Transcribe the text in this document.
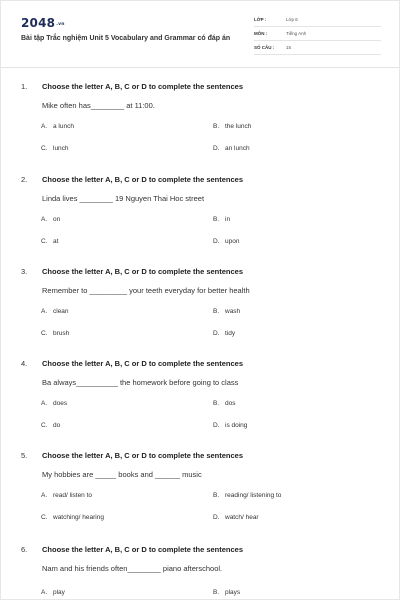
2048.vn
Bài tập Trắc nghiệm Unit 5 Vocabulary and Grammar có đáp án
LỚP :	Lớp 6
MÔN :	Tiếng Anh
SỐ CÂU :	15
1. Choose the letter A, B, C or D to complete the sentences
Mike often has________ at 11:00.
A. a lunch	B. the lunch
C. lunch	D. an lunch
2. Choose the letter A, B, C or D to complete the sentences
Linda lives ________ 19 Nguyen Thai Hoc street
A. on	B. in
C. at	D. upon
3. Choose the letter A, B, C or D to complete the sentences
Remember to _________ your teeth everyday for better health
A. clean	B. wash
C. brush	D. tidy
4. Choose the letter A, B, C or D to complete the sentences
Ba always__________ the homework before going to class
A. does	B. dos
C. do	D. is doing
5. Choose the letter A, B, C or D to complete the sentences
My hobbies are _____ books and ______ music
A. read/ listen to	B. reading/ listening to
C. watching/ hearing	D. watch/ hear
6. Choose the letter A, B, C or D to complete the sentences
Nam and his friends often________ piano afterschool.
A. play	B. plays
